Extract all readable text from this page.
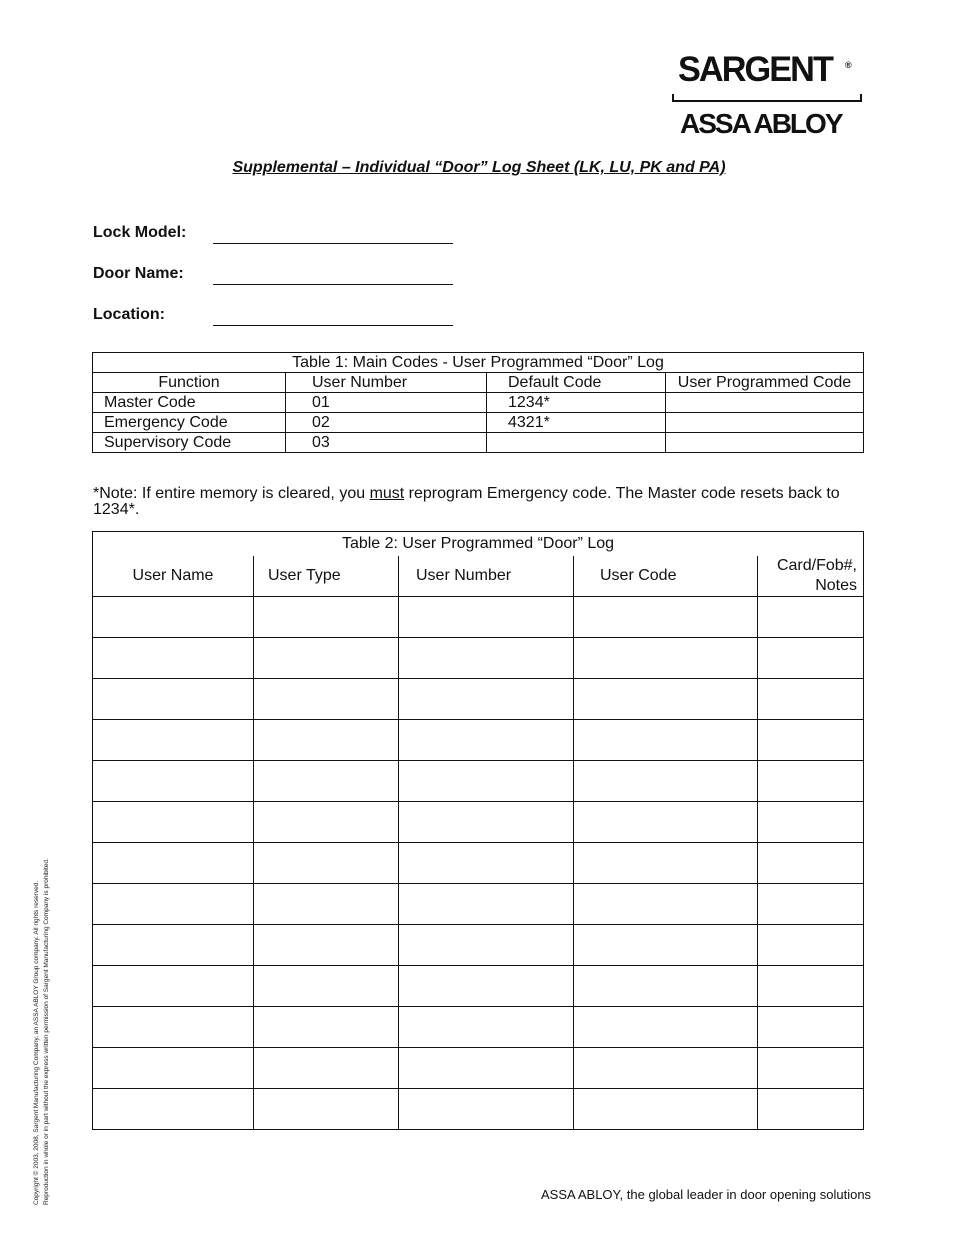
SARGENT ®
ASSA ABLOY
Supplemental – Individual “Door” Log Sheet (LK, LU, PK and PA)
Lock Model:
Door Name:
Location:
Table 1: Main Codes - User Programmed “Door” Log			
Function	User Number	Default Code	User Programmed Code
Master Code	01	1234*	
Emergency Code	02	4321*	
Supervisory Code	03		
*Note: If entire memory is cleared, you must reprogram Emergency code. The Master code resets back to 1234*.
Table 2: User Programmed “Door” Log				
User Name	User Type	User Number	User Code	Card/Fob#, Notes

Copyright © 2003, 2008, Sargent Manufacturing Company, an ASSA ABLOY Group company. All rights reserved. Reproduction in whole or in part without the express written permission of Sargent Manufacturing Company is prohibited.	ASSA ABLOY, the global leader in door opening solutions
